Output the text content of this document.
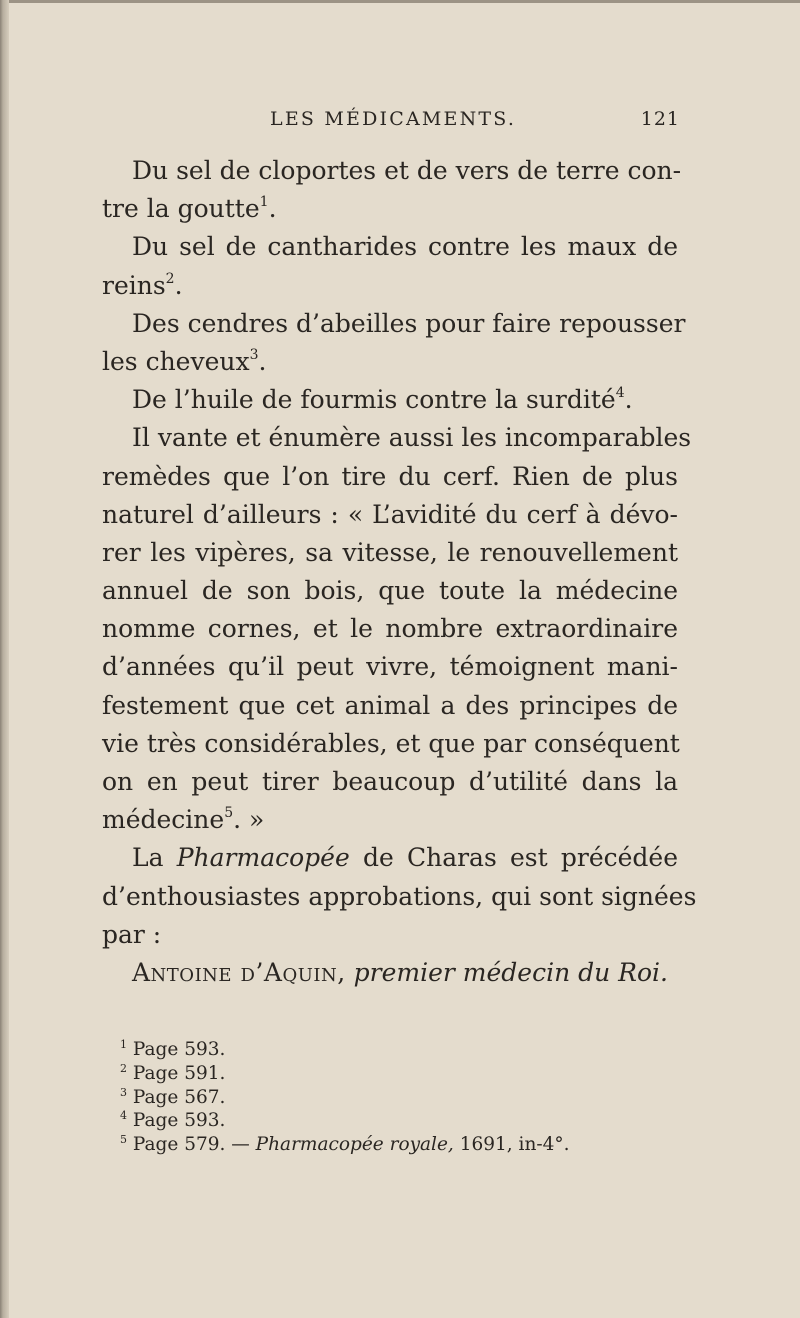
LES MÉDICAMENTS.	121
Du sel de cloportes et de vers de terre con-
tre la goutte$^1$.
Du sel de cantharides contre les maux de
reins$^2$.
Des cendres d’abeilles pour faire repousser
les cheveux$^3$.
De l’huile de fourmis contre la surdité$^4$.
Il vante et énumère aussi les incomparables
remèdes que l’on tire du cerf. Rien de plus
naturel d’ailleurs : « L’avidité du cerf à dévo-
rer les vipères, sa vitesse, le renouvellement
annuel de son bois, que toute la médecine
nomme cornes, et le nombre extraordinaire
d’années qu’il peut vivre, témoignent mani-
festement que cet animal a des principes de
vie très considérables, et que par conséquent
on en peut tirer beaucoup d’utilité dans la
médecine$^5$. »
La Pharmacopée de Charas est précédée
d’enthousiastes approbations, qui sont signées
par :
Antoine d’Aquin, premier médecin du Roi.
$^1$ Page 593.
$^2$ Page 591.
$^3$ Page 567.
$^4$ Page 593.
$^5$ Page 579. — Pharmacopée royale, 1691, in-4°.
